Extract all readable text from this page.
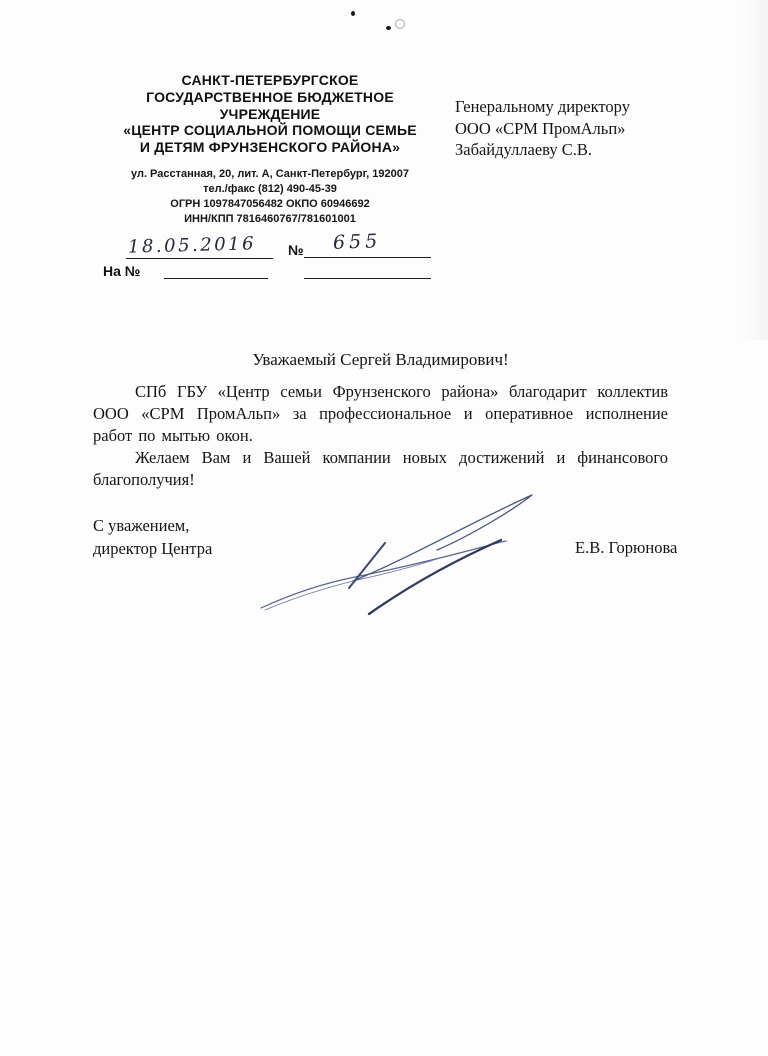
САНКТ-ПЕТЕРБУРГСКОЕ
ГОСУДАРСТВЕННОЕ БЮДЖЕТНОЕ
УЧРЕЖДЕНИЕ
«ЦЕНТР СОЦИАЛЬНОЙ ПОМОЩИ СЕМЬЕ
И ДЕТЯМ ФРУНЗЕНСКОГО РАЙОНА»
ул. Расстанная, 20, лит. А, Санкт-Петербург, 192007
тел./факс (812) 490-45-39
ОГРН 1097847056482 ОКПО 60946692
ИНН/КПП 7816460767/781601001
Генеральному директору
ООО «СРМ ПромАльп»
Забайдуллаеву С.В.
18.05.2016 № 655
На №
Уважаемый Сергей Владимирович!

СПб ГБУ «Центр семьи Фрунзенского района» благодарит коллектив ООО «СРМ ПромАльп» за профессиональное и оперативное исполнение работ по мытью окон.

Желаем Вам и Вашей компании новых достижений и финансового благополучия!

С уважением,
директор Центра	Е.В. Горюнова
